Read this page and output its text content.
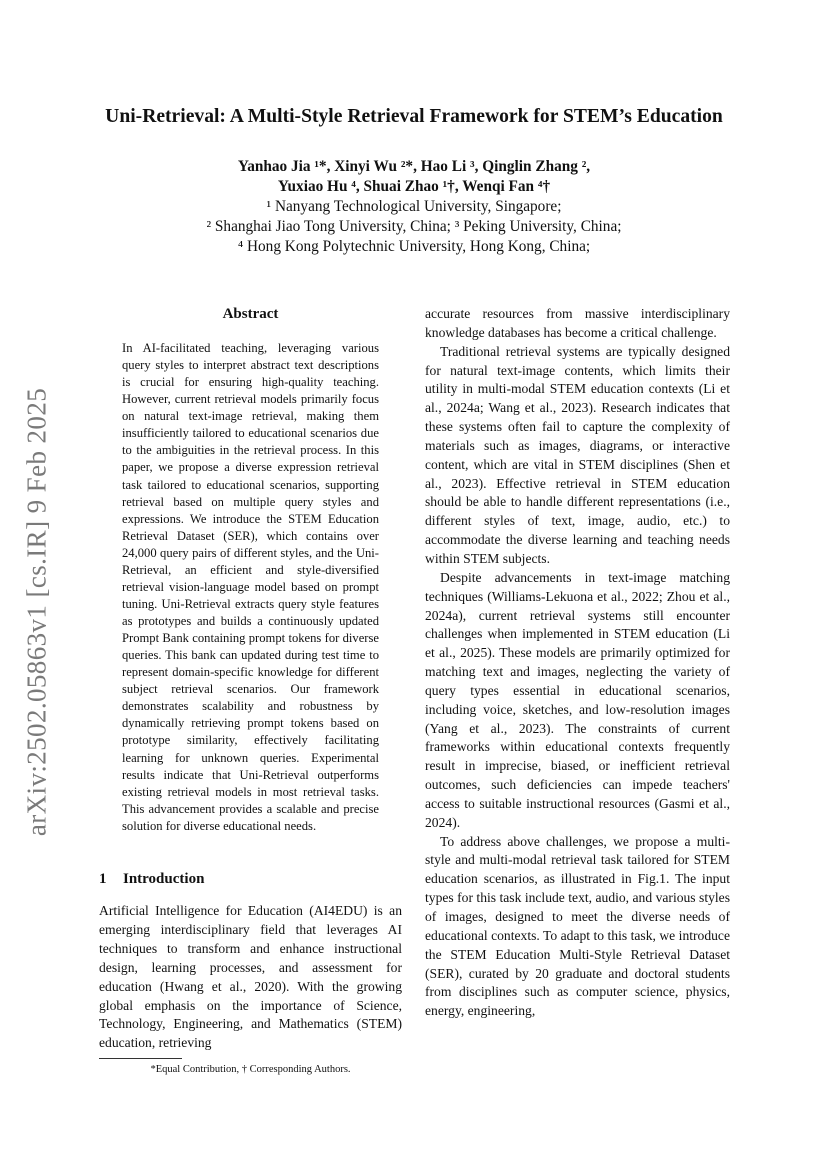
arXiv:2502.05863v1 [cs.IR] 9 Feb 2025
Uni-Retrieval: A Multi-Style Retrieval Framework for STEM’s Education
Yanhao Jia ¹*, Xinyi Wu ²*, Hao Li ³, Qinglin Zhang ²,
Yuxiao Hu ⁴, Shuai Zhao ¹†, Wenqi Fan ⁴†
¹ Nanyang Technological University, Singapore;
² Shanghai Jiao Tong University, China; ³ Peking University, China;
⁴ Hong Kong Polytechnic University, Hong Kong, China;
Abstract
In AI-facilitated teaching, leveraging various query styles to interpret abstract text descriptions is crucial for ensuring high-quality teaching. However, current retrieval models primarily focus on natural text-image retrieval, making them insufficiently tailored to educational scenarios due to the ambiguities in the retrieval process. In this paper, we propose a diverse expression retrieval task tailored to educational scenarios, supporting retrieval based on multiple query styles and expressions. We introduce the STEM Education Retrieval Dataset (SER), which contains over 24,000 query pairs of different styles, and the Uni-Retrieval, an efficient and style-diversified retrieval vision-language model based on prompt tuning. Uni-Retrieval extracts query style features as prototypes and builds a continuously updated Prompt Bank containing prompt tokens for diverse queries. This bank can updated during test time to represent domain-specific knowledge for different subject retrieval scenarios. Our framework demonstrates scalability and robustness by dynamically retrieving prompt tokens based on prototype similarity, effectively facilitating learning for unknown queries. Experimental results indicate that Uni-Retrieval outperforms existing retrieval models in most retrieval tasks. This advancement provides a scalable and precise solution for diverse educational needs.
1 Introduction

Artificial Intelligence for Education (AI4EDU) is an emerging interdisciplinary field that leverages AI techniques to transform and enhance instructional design, learning processes, and assessment for education (Hwang et al., 2020). With the growing global emphasis on the importance of Science, Technology, Engineering, and Mathematics (STEM) education, retrieving

*Equal Contribution, † Corresponding Authors.

accurate resources from massive interdisciplinary knowledge databases has become a critical challenge.

Traditional retrieval systems are typically designed for natural text-image contents, which limits their utility in multi-modal STEM education contexts (Li et al., 2024a; Wang et al., 2023). Research indicates that these systems often fail to capture the complexity of materials such as images, diagrams, or interactive content, which are vital in STEM disciplines (Shen et al., 2023). Effective retrieval in STEM education should be able to handle different representations (i.e., different styles of text, image, audio, etc.) to accommodate the diverse learning and teaching needs within STEM subjects.

Despite advancements in text-image matching techniques (Williams-Lekuona et al., 2022; Zhou et al., 2024a), current retrieval systems still encounter challenges when implemented in STEM education (Li et al., 2025). These models are primarily optimized for matching text and images, neglecting the variety of query types essential in educational scenarios, including voice, sketches, and low-resolution images (Yang et al., 2023). The constraints of current frameworks within educational contexts frequently result in imprecise, biased, or inefficient retrieval outcomes, such deficiencies can impede teachers' access to suitable instructional resources (Gasmi et al., 2024).

To address above challenges, we propose a multi-style and multi-modal retrieval task tailored for STEM education scenarios, as illustrated in Fig.1. The input types for this task include text, audio, and various styles of images, designed to meet the diverse needs of educational contexts. To adapt to this task, we introduce the STEM Education Multi-Style Retrieval Dataset (SER), curated by 20 graduate and doctoral students from disciplines such as computer science, physics, energy, engineering,
